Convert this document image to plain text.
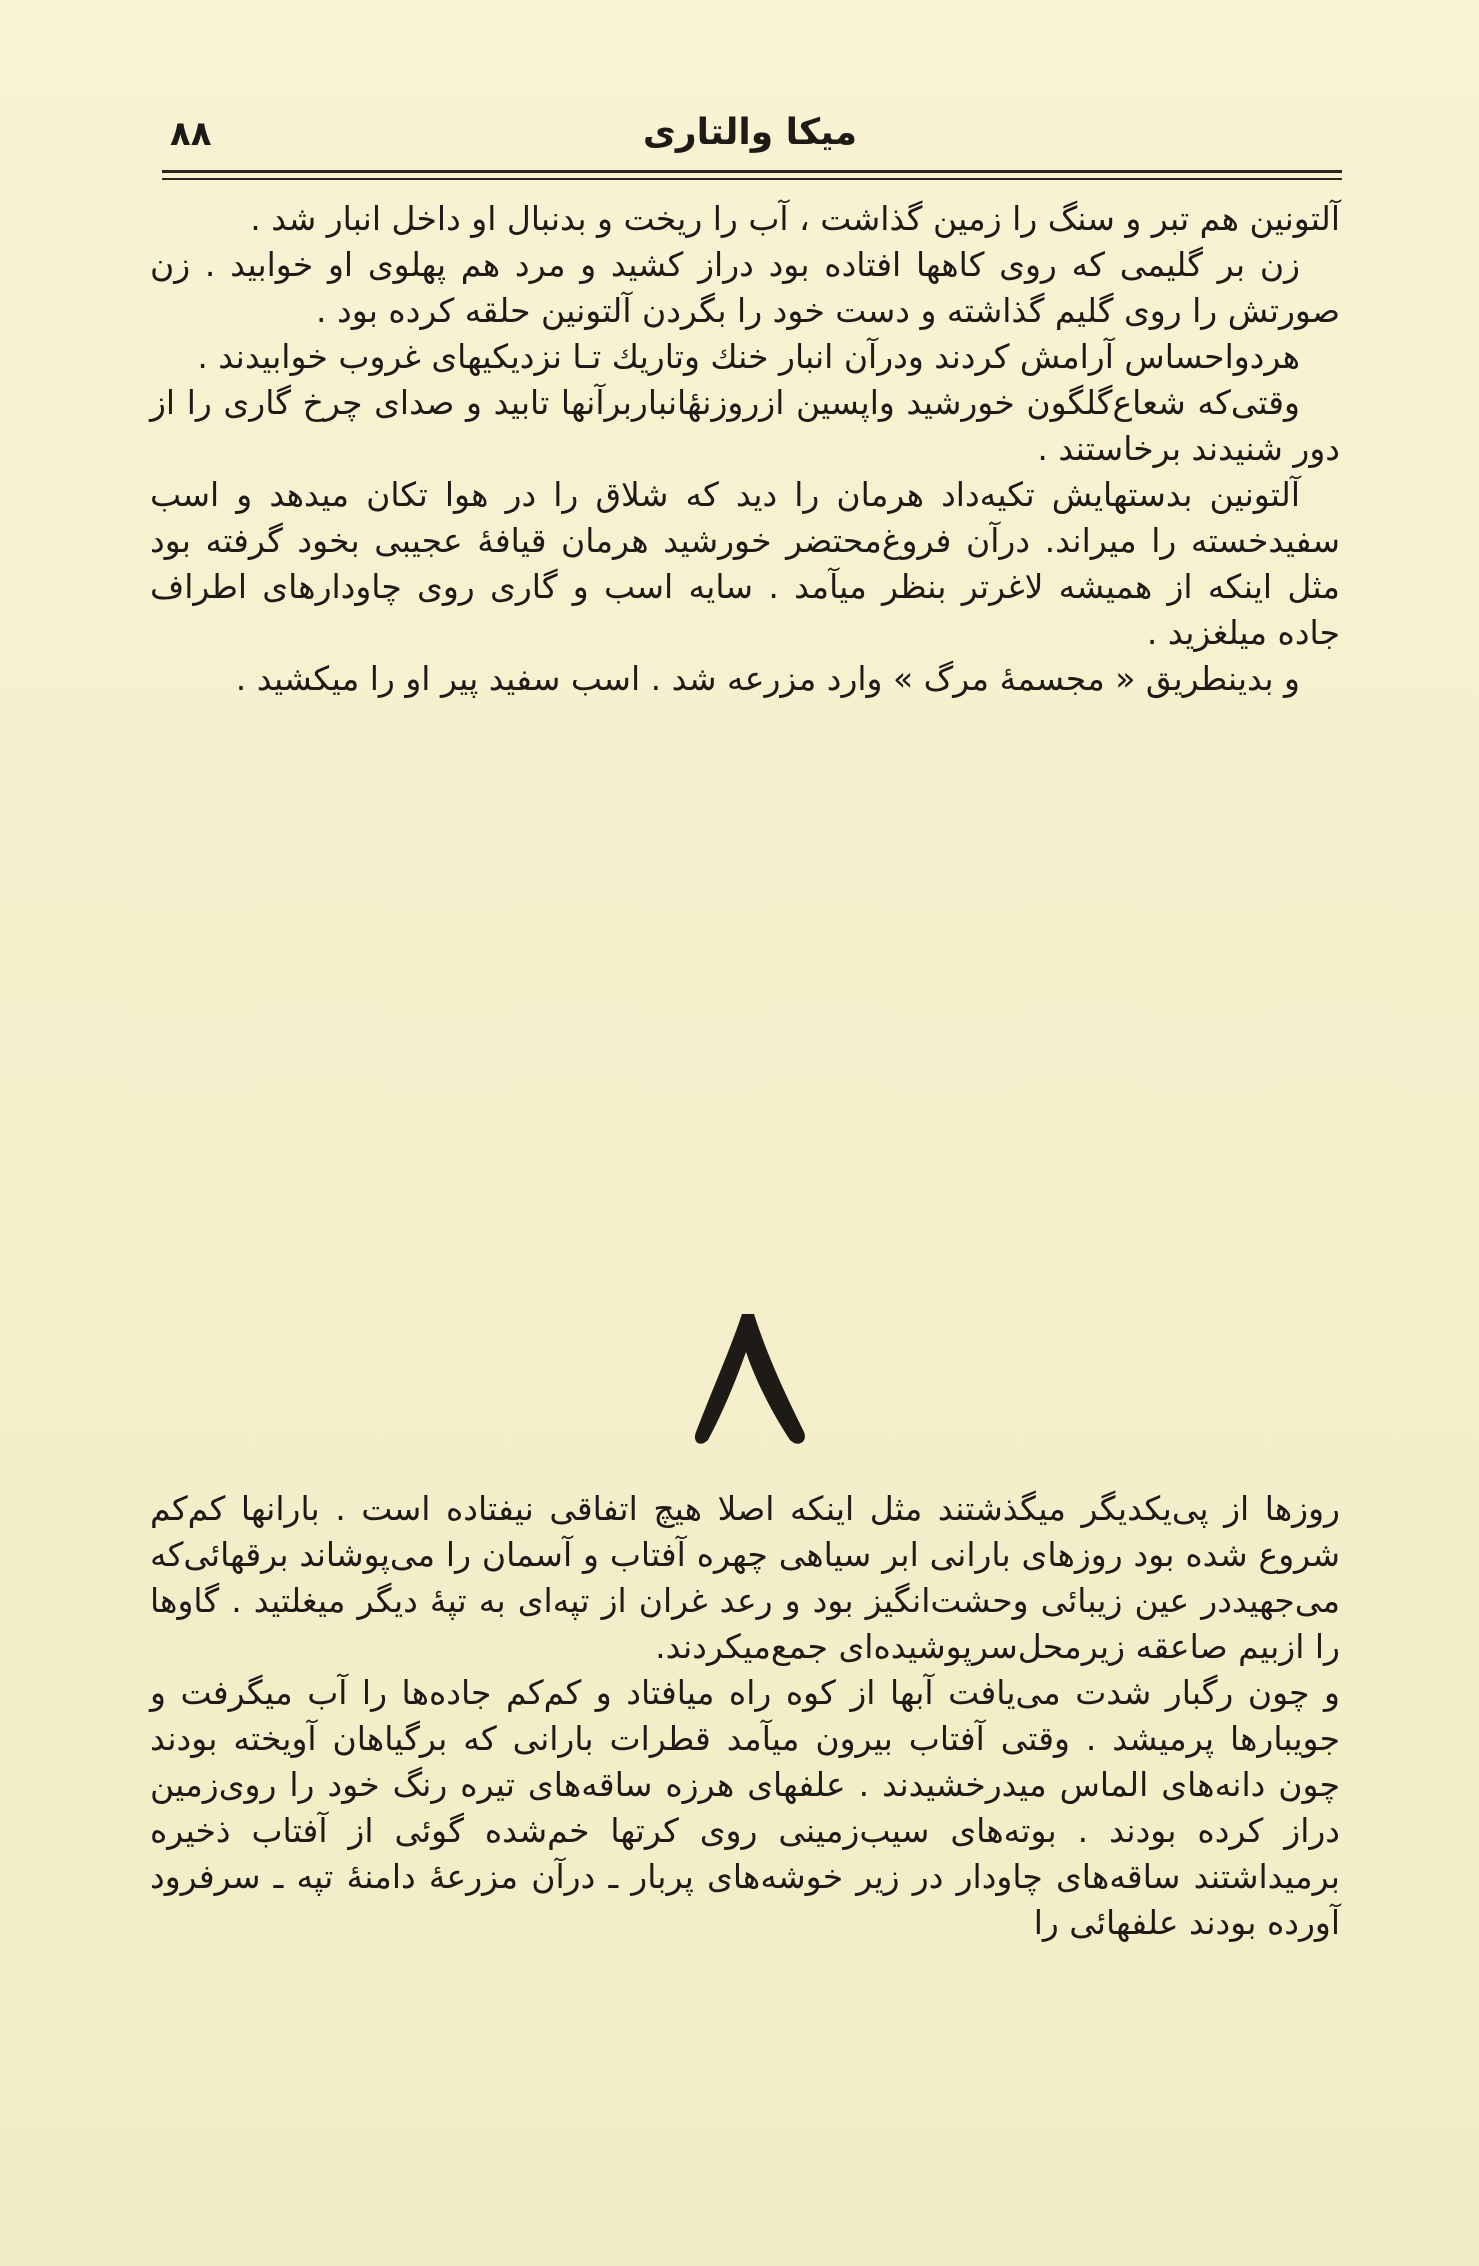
۸۸	میکا والتاری

آلتونین هم تبر و سنگ را زمین گذاشت ، آب را ریخت و بدنبال او داخل انبار شد .

زن بر گلیمی که روی کاهها افتاده بود دراز کشید و مرد هم پهلوی او خوابید . زن صورتش را روی گلیم گذاشته و دست خود را بگردن آلتونین حلقه کرده بود .

هردواحساس آرامش کردند ودرآن انبار خنك وتاريك تـا نزدیکیهای غروب خوابیدند .

وقتی‌که شعاع‌گلگون خورشید واپسین ازروزنهٔانبار‌برآنها تابید و صدای چرخ گاری را از دور شنیدند برخاستند .

آلتونین بدستهایش تکیه‌داد هرمان را دید که شلاق را در هوا تکان میدهد و اسب سفیدخسته را میراند. درآن فروغ‌محتضر خورشید هرمان قیافهٔ عجیبی بخود گرفته بود مثل اینکه از همیشه لاغرتر بنظر میآمد . سایه اسب و گاری روی چاودارهای اطراف جاده میلغزید .

و بدینطریق « مجسمهٔ مرگ » وارد مزرعه شد . اسب سفید پیر او را میکشید .

روزها از پی‌یکدیگر میگذشتند مثل اینکه اصلا هیچ اتفاقی نیفتاده است . بارانها کم‌کم شروع شده بود روزهای بارانی ابر سیاهی چهره آفتاب و آسمان را می‌پوشاند برقهائی‌که می‌جهیددر عین زیبائی وحشت‌انگیز بود و رعد غران از تپه‌ای به تپهٔ دیگر میغلتید . گاوها را ازبیم صاعقه زیرمحل‌سرپوشیده‌ای جمع‌میکردند.

و چون رگبار شدت می‌یافت آبها از کوه راه میافتاد و کم‌کم جاده‌ها را آب میگرفت و جویبارها پرمیشد . وقتی آفتاب بیرون میآمد قطرات بارانی که برگیاهان آویخته بودند چون دانه‌های الماس میدرخشیدند . علفهای هرزه ساقه‌های تیره رنگ خود را روی‌زمین دراز کرده بودند . بوته‌های سیب‌زمینی روی کرتها خم‌شده گوئی از آفتاب ذخیره برمیداشتند ساقه‌های چاودار در زیر خوشه‌های پربار ـ درآن مزرعهٔ دامنهٔ تپه ـ سرفرود آورده بودند علفهائی را
